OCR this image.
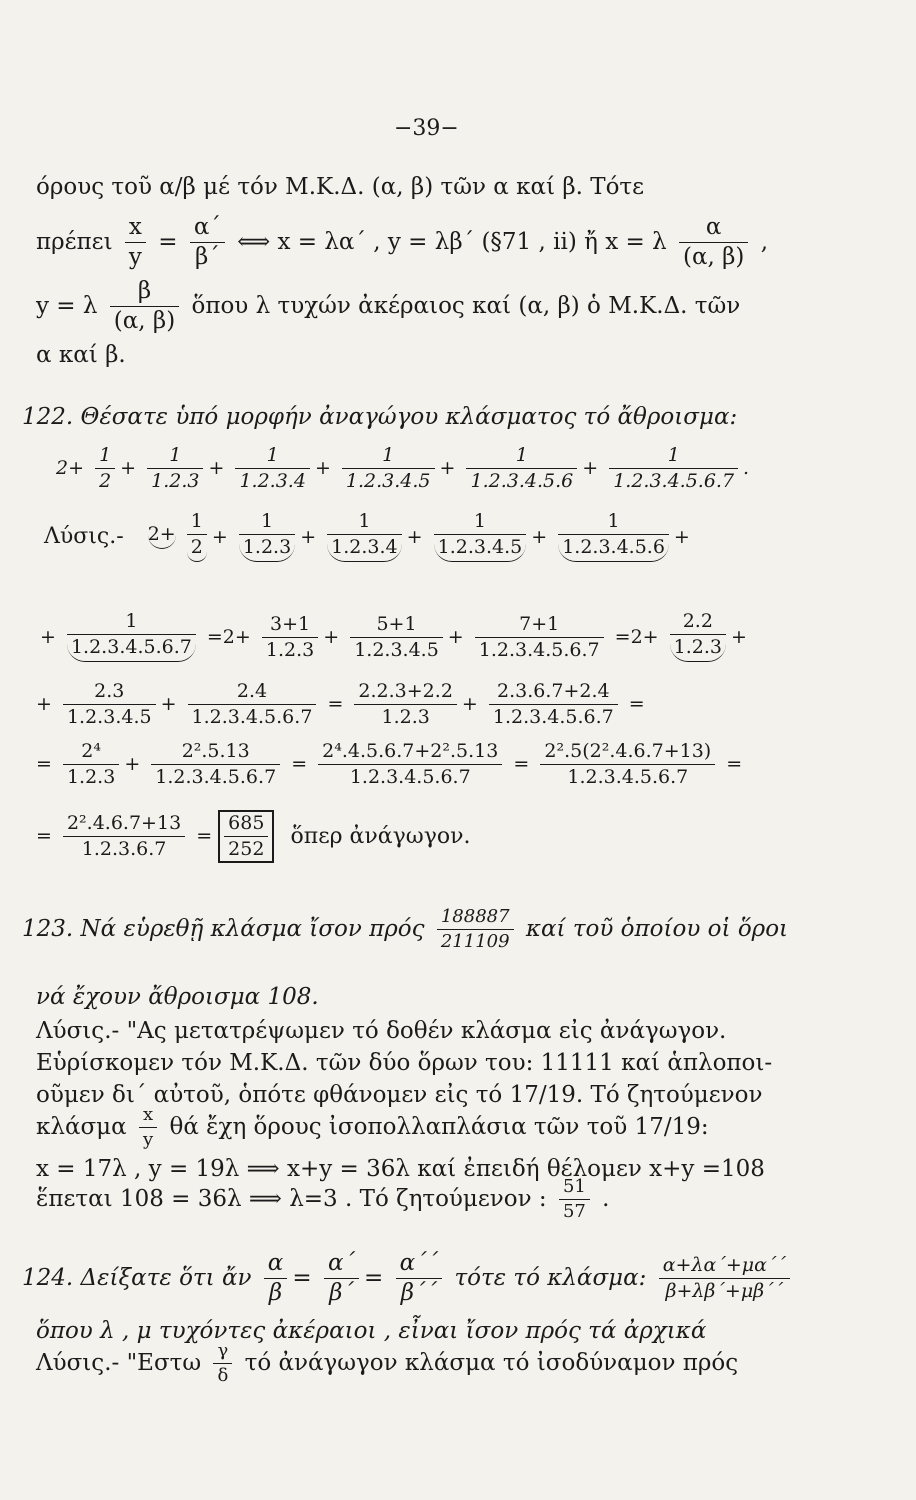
−39−
όρους τοῦ α/β μέ τόν Μ.Κ.Δ. (α, β) τῶν α καί β. Τότε
πρέπει $\frac{x}{y} = \frac{\alpha΄}{\beta΄}$ ⟺ x = λα΄ , y = λβ΄ (§71 , ii) ἤ x = λ $\frac{\alpha}{(\alpha, \beta)}$ ,
y = λ $\frac{\beta}{(\alpha, \beta)}$ ὅπου λ τυχών ἀκέραιος καί (α, β) ὁ Μ.Κ.Δ. τῶν
α καί β.
122. Θέσατε ὑπό μορφήν ἀναγώγου κλάσματος τό ἄθροισμα:
$2+ \frac{1}{2} + \frac{1}{1.2.3} + \frac{1}{1.2.3.4} + \frac{1}{1.2.3.4.5} + \frac{1}{1.2.3.4.5.6} + \frac{1}{1.2.3.4.5.6.7}$ .
Λύσις.- $2+ \frac{1}{2} + \frac{1}{1.2.3} + \frac{1}{1.2.3.4} + \frac{1}{1.2.3.4.5} + \frac{1}{1.2.3.4.5.6}$ +
+ $\frac{1}{1.2.3.4.5.6.7} =2+ \frac{3+1}{1.2.3} + \frac{5+1}{1.2.3.4.5} + \frac{7+1}{1.2.3.4.5.6.7} =2+ \frac{2.2}{1.2.3}$ +
+ $\frac{2.3}{1.2.3.4.5} + \frac{2.4}{1.2.3.4.5.6.7} = \frac{2.2.3+2.2}{1.2.3} + \frac{2.3.6.7+2.4}{1.2.3.4.5.6.7}$ =
= $\frac{\text{2⁴}}{1.2.3} + \frac{\text{2².5.13}}{1.2.3.4.5.6.7} = \frac{\text{2⁴.4.5.6.7+2².5.13}}{1.2.3.4.5.6.7} = \frac{\text{2².5(2².4.6.7+13)}}{1.2.3.4.5.6.7}$ =
= $\frac{\text{2².4.6.7+13}}{1.2.3.6.7} = \frac{685}{252}$ ὅπερ ἀνάγωγον.
123. Νά εὑρεθῇ κλάσμα ἴσον πρός $\frac{188887}{211109}$ καί τοῦ ὁποίου οἱ ὅροι
νά ἔχουν ἄθροισμα 108.
Λύσις.- "Ας μετατρέψωμεν τό δοθέν κλάσμα εἰς ἀνάγωγον.
Εὑρίσκομεν τόν Μ.Κ.Δ. τῶν δύο ὅρων του: 11111 καί ἁπλοποι-
οῦμεν δι΄ αὐτοῦ, ὁπότε φθάνομεν εἰς τό 17/19. Τό ζητούμενον
κλάσμα $\frac{x}{y}$ θά ἔχη ὅρους ἰσοπολλαπλάσια τῶν τοῦ 17/19:
x = 17λ , y = 19λ ⟹ x+y = 36λ καί ἐπειδή θέλομεν x+y =108
ἕπεται 108 = 36λ ⟹ λ=3 . Τό ζητούμενον : $\frac{51}{57}$ .
124. Δείξατε ὅτι ἄν $\frac{\alpha}{\beta} = \frac{\alpha΄}{\beta΄} = \frac{\alpha΄΄}{\beta΄΄}$ τότε τό κλάσμα: $\frac{\alpha+\lambda\alpha΄+\mu\alpha΄΄}{\beta+\lambda\beta΄+\mu\beta΄΄}$
ὅπου λ , μ τυχόντες ἀκέραιοι , εἶναι ἴσον πρός τά ἀρχικά
Λύσις.- "$E\sigma\tau\omega \frac{\gamma}{\delta}$ τό ἀνάγωγον κλάσμα τό ἰσοδύναμον πρός
